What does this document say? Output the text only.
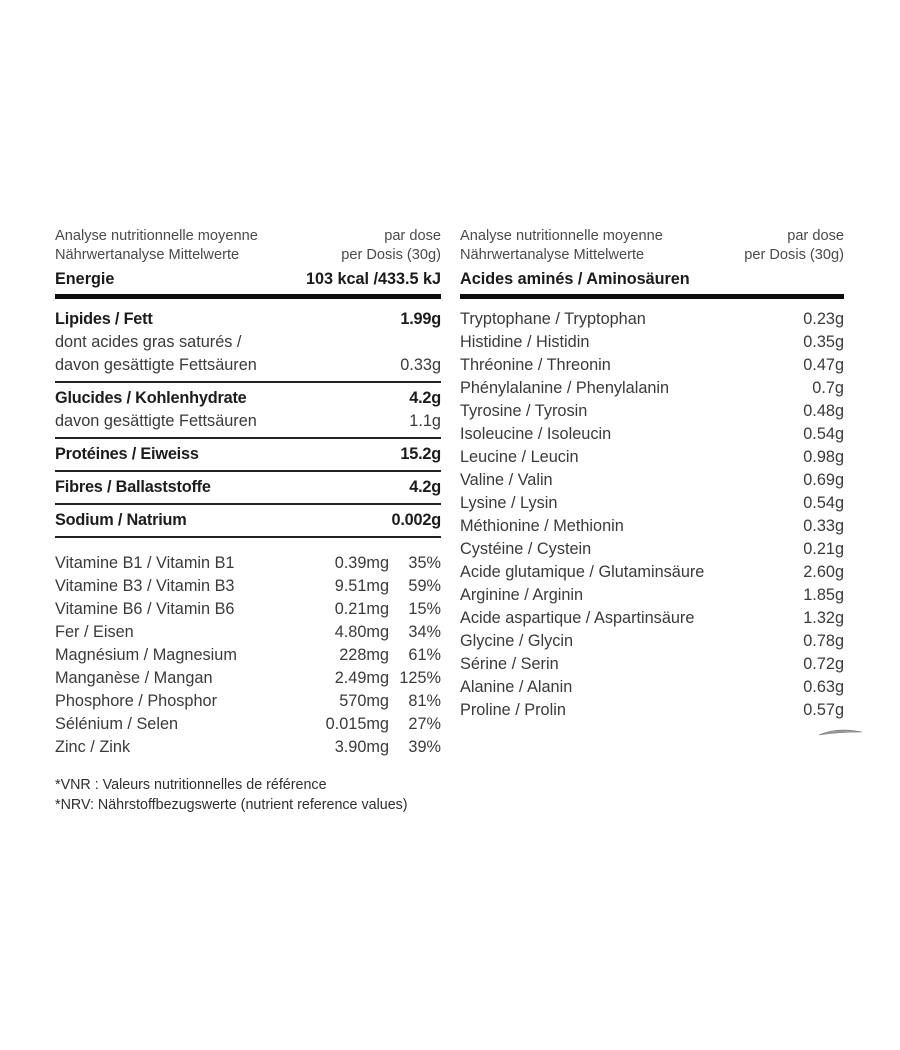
Analyse nutritionnelle moyenne
Nährwertanalyse Mittelwerte
par dose
per Dosis (30g)
Energie	103 kcal /433.5 kJ
Lipides / Fett	1.99g
dont acides gras saturés /
davon gesättigte Fettsäuren	0.33g
Glucides / Kohlenhydrate	4.2g
davon gesättigte Fettsäuren	1.1g
Protéines / Eiweiss	15.2g
Fibres / Ballaststoffe	4.2g
Sodium / Natrium	0.002g
Vitamine B1 / Vitamin B1	0.39mg	35%
Vitamine B3 / Vitamin B3	9.51mg	59%
Vitamine B6 / Vitamin B6	0.21mg	15%
Fer / Eisen	4.80mg	34%
Magnésium / Magnesium	228mg	61%
Manganèse / Mangan	2.49mg 125%
Phosphore / Phosphor	570mg	81%
Sélénium / Selen	0.015mg	27%
Zinc / Zink	3.90mg	39%
*VNR : Valeurs nutritionnelles de référence
*NRV: Nährstoffbezugswerte (nutrient reference values)
Analyse nutritionnelle moyenne
Nährwertanalyse Mittelwerte
par dose
per Dosis (30g)
Acides aminés / Aminosäuren
Tryptophane / Tryptophan	0.23g
Histidine / Histidin	0.35g
Thréonine / Threonin	0.47g
Phénylalanine / Phenylalanin	0.7g
Tyrosine / Tyrosin	0.48g
Isoleucine / Isoleucin	0.54g
Leucine / Leucin	0.98g
Valine / Valin	0.69g
Lysine / Lysin	0.54g
Méthionine / Methionin	0.33g
Cystéine / Cystein	0.21g
Acide glutamique / Glutaminsäure	2.60g
Arginine / Arginin	1.85g
Acide aspartique / Aspartinsäure	1.32g
Glycine / Glycin	0.78g
Sérine / Serin	0.72g
Alanine / Alanin	0.63g
Proline / Prolin	0.57g
